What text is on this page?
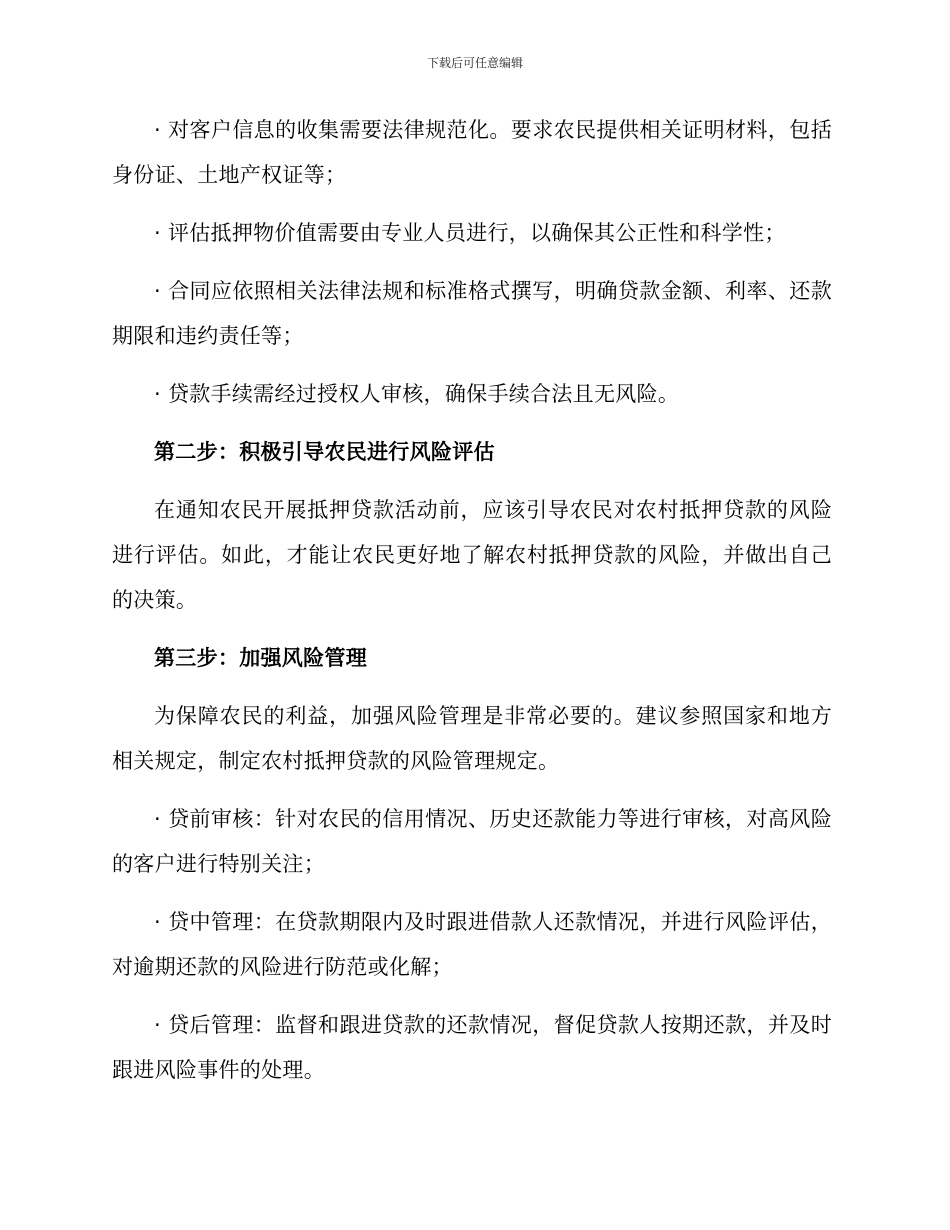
下载后可任意编辑

· 对客户信息的收集需要法律规范化。要求农民提供相关证明材料，包括身份证、土地产权证等；

· 评估抵押物价值需要由专业人员进行，以确保其公正性和科学性；

· 合同应依照相关法律法规和标准格式撰写，明确贷款金额、利率、还款期限和违约责任等；

· 贷款手续需经过授权人审核，确保手续合法且无风险。

第二步：积极引导农民进行风险评估

在通知农民开展抵押贷款活动前，应该引导农民对农村抵押贷款的风险进行评估。如此，才能让农民更好地了解农村抵押贷款的风险，并做出自己的决策。

第三步：加强风险管理

为保障农民的利益，加强风险管理是非常必要的。建议参照国家和地方相关规定，制定农村抵押贷款的风险管理规定。

· 贷前审核：针对农民的信用情况、历史还款能力等进行审核，对高风险的客户进行特别关注；

· 贷中管理：在贷款期限内及时跟进借款人还款情况，并进行风险评估， 对逾期还款的风险进行防范或化解；

· 贷后管理：监督和跟进贷款的还款情况，督促贷款人按期还款，并及时跟进风险事件的处理。
